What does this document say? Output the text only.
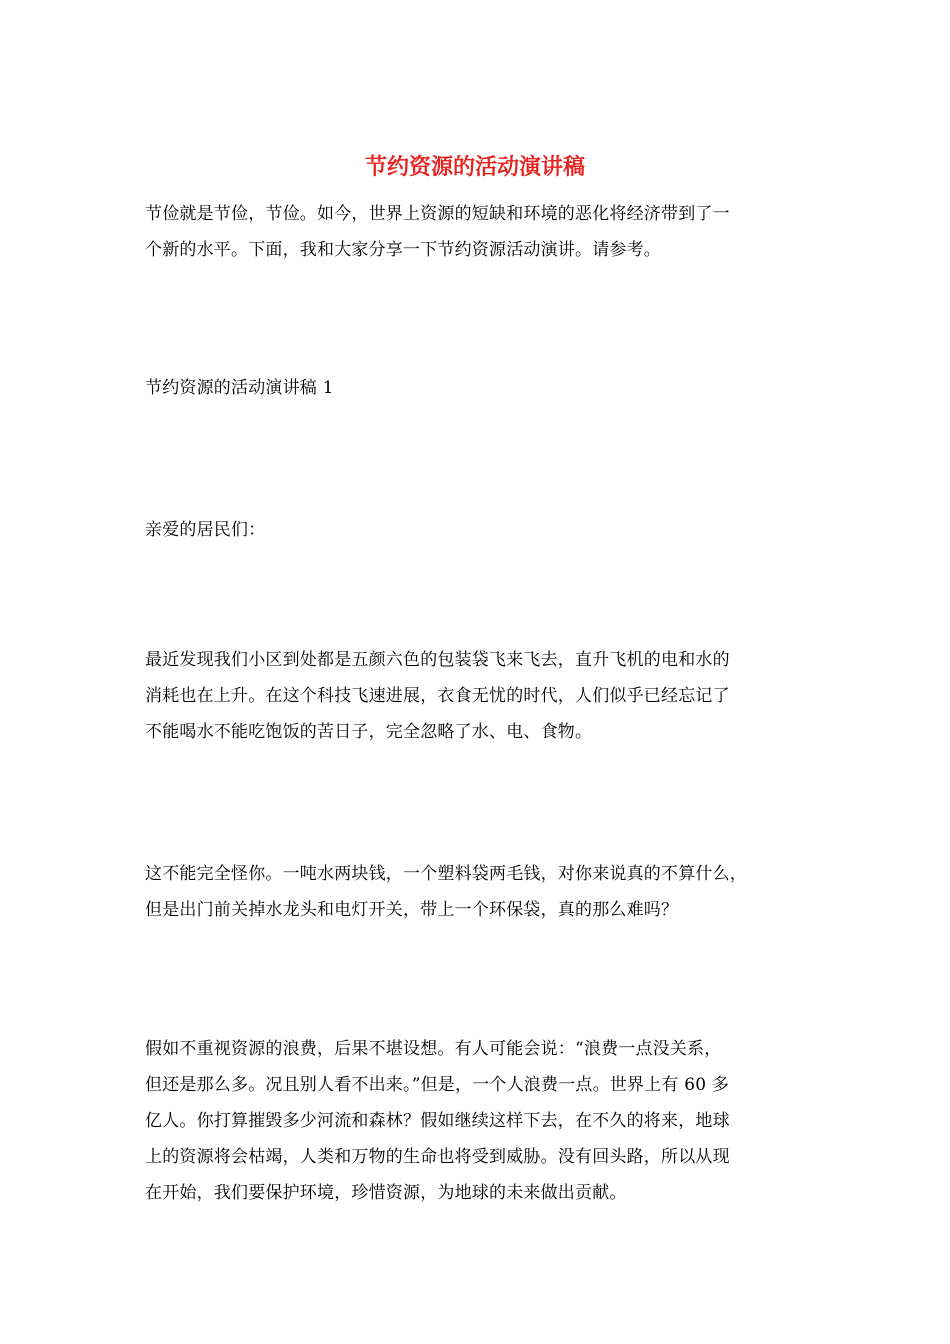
节约资源的活动演讲稿

节俭就是节俭，节俭。如今，世界上资源的短缺和环境的恶化将经济带到了一
个新的水平。下面，我和大家分享一下节约资源活动演讲。请参考。

节约资源的活动演讲稿 1

亲爱的居民们：

最近发现我们小区到处都是五颜六色的包装袋飞来飞去，直升飞机的电和水的
消耗也在上升。在这个科技飞速进展，衣食无忧的时代，人们似乎已经忘记了
不能喝水不能吃饱饭的苦日子，完全忽略了水、电、食物。

这不能完全怪你。一吨水两块钱，一个塑料袋两毛钱，对你来说真的不算什么，
但是出门前关掉水龙头和电灯开关，带上一个环保袋，真的那么难吗？

假如不重视资源的浪费，后果不堪设想。有人可能会说：“浪费一点没关系，
但还是那么多。况且别人看不出来。”但是，一个人浪费一点。世界上有 60 多
亿人。你打算摧毁多少河流和森林？假如继续这样下去，在不久的将来，地球
上的资源将会枯竭，人类和万物的生命也将受到威胁。没有回头路，所以从现
在开始，我们要保护环境，珍惜资源，为地球的未来做出贡献。
